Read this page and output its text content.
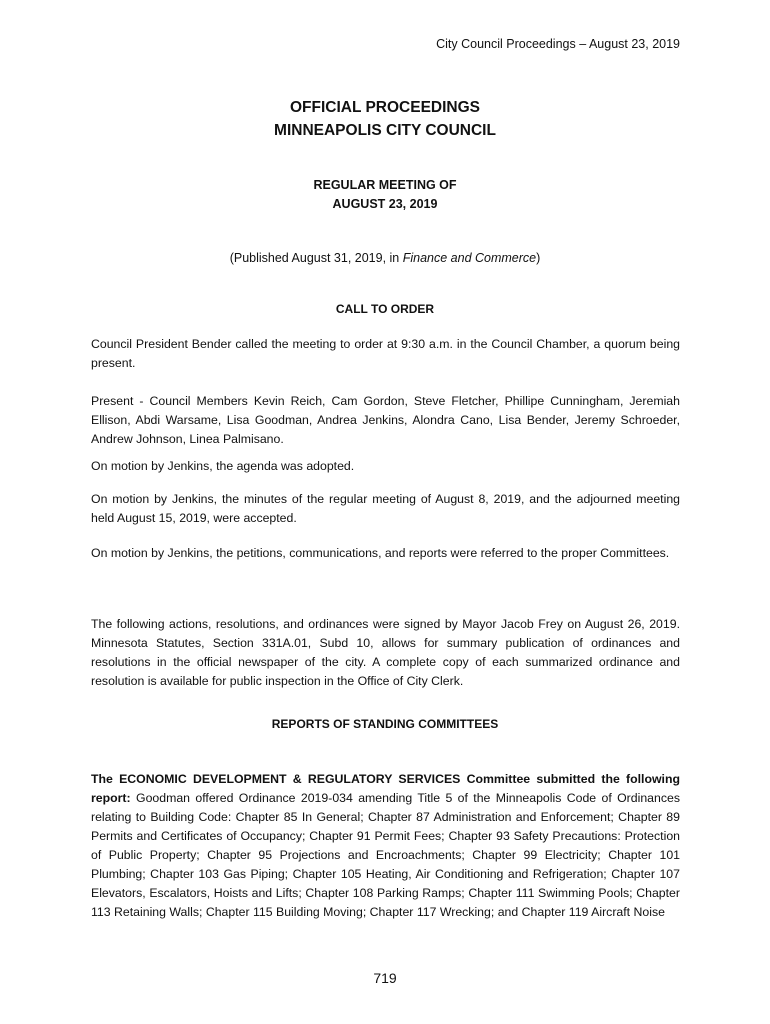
City Council Proceedings – August 23, 2019
OFFICIAL PROCEEDINGS
MINNEAPOLIS CITY COUNCIL
REGULAR MEETING OF
AUGUST 23, 2019
(Published August 31, 2019, in Finance and Commerce)
CALL TO ORDER

Council President Bender called the meeting to order at 9:30 a.m. in the Council Chamber, a quorum being present.

Present - Council Members Kevin Reich, Cam Gordon, Steve Fletcher, Phillipe Cunningham, Jeremiah Ellison, Abdi Warsame, Lisa Goodman, Andrea Jenkins, Alondra Cano, Lisa Bender, Jeremy Schroeder, Andrew Johnson, Linea Palmisano.

On motion by Jenkins, the agenda was adopted.

On motion by Jenkins, the minutes of the regular meeting of August 8, 2019, and the adjourned meeting held August 15, 2019, were accepted.

On motion by Jenkins, the petitions, communications, and reports were referred to the proper Committees.

The following actions, resolutions, and ordinances were signed by Mayor Jacob Frey on August 26, 2019. Minnesota Statutes, Section 331A.01, Subd 10, allows for summary publication of ordinances and resolutions in the official newspaper of the city. A complete copy of each summarized ordinance and resolution is available for public inspection in the Office of City Clerk.

REPORTS OF STANDING COMMITTEES

The ECONOMIC DEVELOPMENT & REGULATORY SERVICES Committee submitted the following report: Goodman offered Ordinance 2019-034 amending Title 5 of the Minneapolis Code of Ordinances relating to Building Code: Chapter 85 In General; Chapter 87 Administration and Enforcement; Chapter 89 Permits and Certificates of Occupancy; Chapter 91 Permit Fees; Chapter 93 Safety Precautions: Protection of Public Property; Chapter 95 Projections and Encroachments; Chapter 99 Electricity; Chapter 101 Plumbing; Chapter 103 Gas Piping; Chapter 105 Heating, Air Conditioning and Refrigeration; Chapter 107 Elevators, Escalators, Hoists and Lifts; Chapter 108 Parking Ramps; Chapter 111 Swimming Pools; Chapter 113 Retaining Walls; Chapter 115 Building Moving; Chapter 117 Wrecking; and Chapter 119 Aircraft Noise

719
